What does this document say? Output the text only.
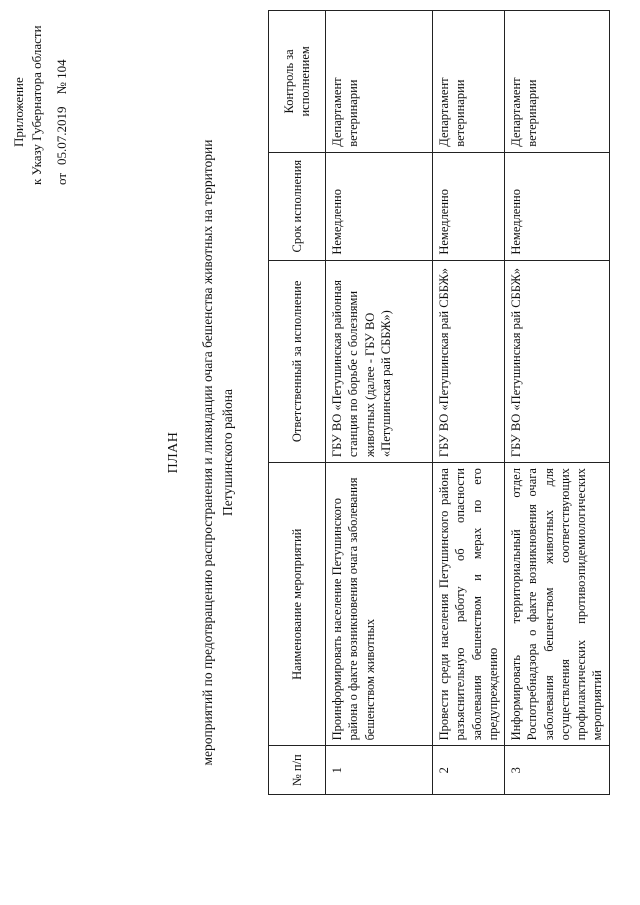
Приложение к Указу Губернатора области от05.07.2019№ 104
ПЛАН мероприятий по предотвращению распространения и ликвидации очага бешенства животных на территории Петушинского района
№ п/п	Наименование мероприятий	Ответственный за исполнение	Срок исполнения	Контроль за исполнением
1	Проинформировать население Петушинского района о факте возникновения очага заболевания бешенством животных	ГБУ ВО «Петушинская районная станция по борьбе с болезнями животных (далее - ГБУ ВО «Петушинская рай СББЖ»)	Немедленно	Департамент ветеринарии
2	Провести среди населения Петушинского района разъяснительную работу об опасности заболевания бешенством и мерах по его предупреждению	ГБУ ВО «Петушинская рай СББЖ»	Немедленно	Департамент ветеринарии
3	Информировать территориальный отдел Роспотребнадзора о факте возникновения очага заболевания бешенством животных для осуществления соответствующих профилактических противоэпидемиологических мероприятий	ГБУ ВО «Петушинская рай СББЖ»	Немедленно	Департамент ветеринарии
